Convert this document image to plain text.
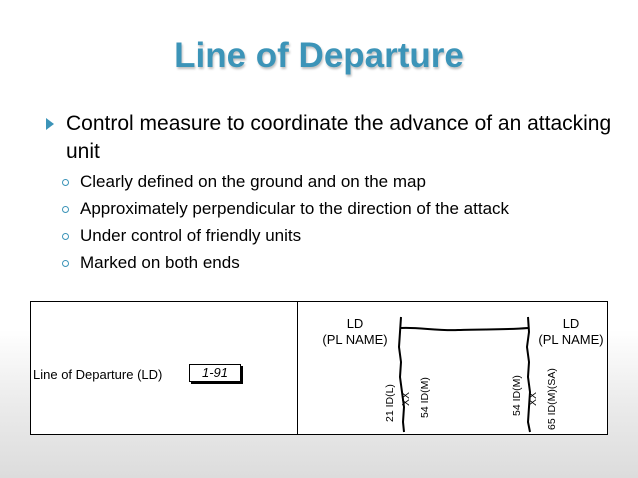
Line of Departure
Control measure to coordinate the advance of an attacking unit
Clearly defined on the ground and on the map
Approximately perpendicular to the direction of the attack
Under control of friendly units
Marked on both ends
Line of Departure (LD)	1-91
LD
(PL NAME)
LD
(PL NAME)
21 ID(L) XX 54 ID(M)	54 ID(M) XX 65 ID(M)(SA)
